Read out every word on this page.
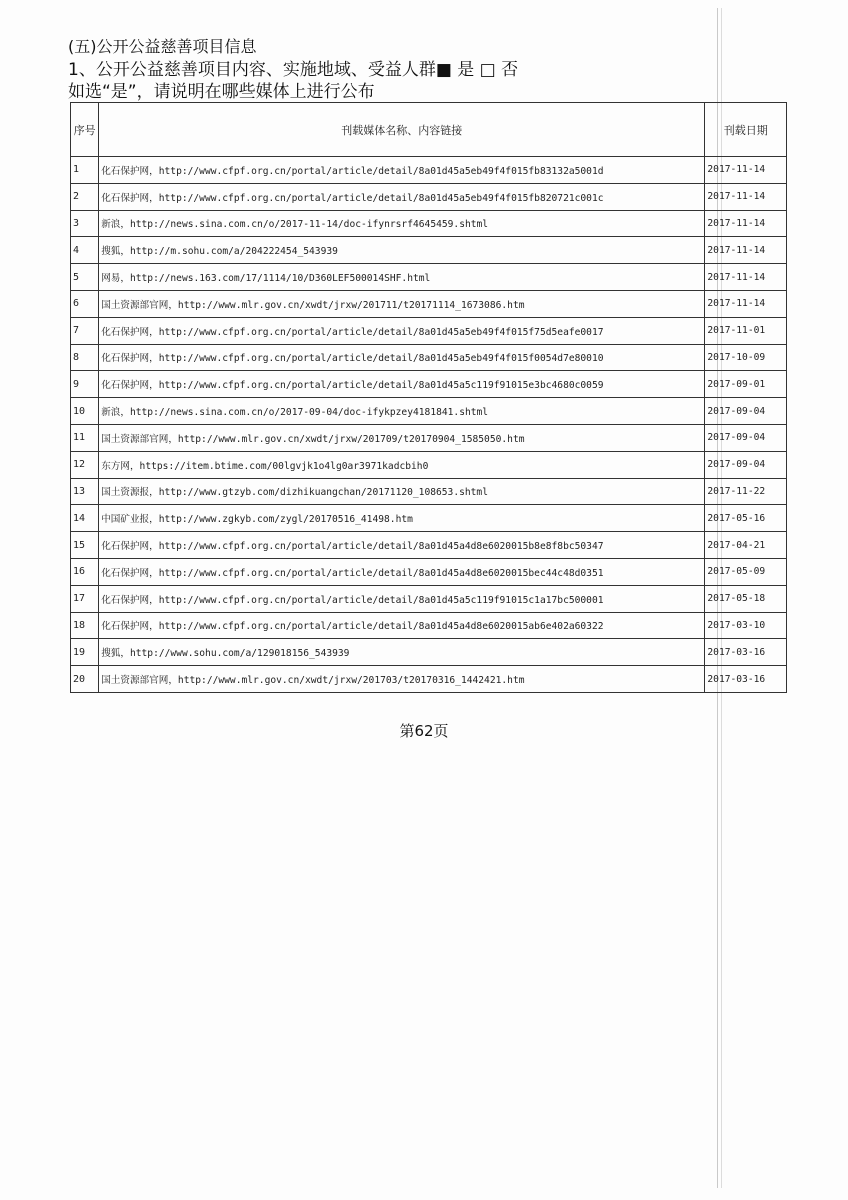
(五)公开公益慈善项目信息
1、公开公益慈善项目内容、实施地域、受益人群■ 是 □ 否
如选“是”，请说明在哪些媒体上进行公布
序号	刊载媒体名称、内容链接	刊载日期
1	化石保护网，http://www.cfpf.org.cn/portal/article/detail/8a01d45a5eb49f4f015fb83132a5001d	2017-11-14
2	化石保护网，http://www.cfpf.org.cn/portal/article/detail/8a01d45a5eb49f4f015fb820721c001c	2017-11-14
3	新浪，http://news.sina.com.cn/o/2017-11-14/doc-ifynrsrf4645459.shtml	2017-11-14
4	搜狐，http://m.sohu.com/a/204222454_543939	2017-11-14
5	网易，http://news.163.com/17/1114/10/D360LEF500014SHF.html	2017-11-14
6	国土资源部官网，http://www.mlr.gov.cn/xwdt/jrxw/201711/t20171114_1673086.htm	2017-11-14
7	化石保护网，http://www.cfpf.org.cn/portal/article/detail/8a01d45a5eb49f4f015f75d5eafe0017	2017-11-01
8	化石保护网，http://www.cfpf.org.cn/portal/article/detail/8a01d45a5eb49f4f015f0054d7e80010	2017-10-09
9	化石保护网，http://www.cfpf.org.cn/portal/article/detail/8a01d45a5c119f91015e3bc4680c0059	2017-09-01
10	新浪，http://news.sina.com.cn/o/2017-09-04/doc-ifykpzey4181841.shtml	2017-09-04
11	国土资源部官网，http://www.mlr.gov.cn/xwdt/jrxw/201709/t20170904_1585050.htm	2017-09-04
12	东方网，https://item.btime.com/00lgvjk1o4lg0ar3971kadcbih0	2017-09-04
13	国土资源报，http://www.gtzyb.com/dizhikuangchan/20171120_108653.shtml	2017-11-22
14	中国矿业报，http://www.zgkyb.com/zygl/20170516_41498.htm	2017-05-16
15	化石保护网，http://www.cfpf.org.cn/portal/article/detail/8a01d45a4d8e6020015b8e8f8bc50347	2017-04-21
16	化石保护网，http://www.cfpf.org.cn/portal/article/detail/8a01d45a4d8e6020015bec44c48d0351	2017-05-09
17	化石保护网，http://www.cfpf.org.cn/portal/article/detail/8a01d45a5c119f91015c1a17bc500001	2017-05-18
18	化石保护网，http://www.cfpf.org.cn/portal/article/detail/8a01d45a4d8e6020015ab6e402a60322	2017-03-10
19	搜狐，http://www.sohu.com/a/129018156_543939	2017-03-16
20	国土资源部官网，http://www.mlr.gov.cn/xwdt/jrxw/201703/t20170316_1442421.htm	2017-03-16
第62页
